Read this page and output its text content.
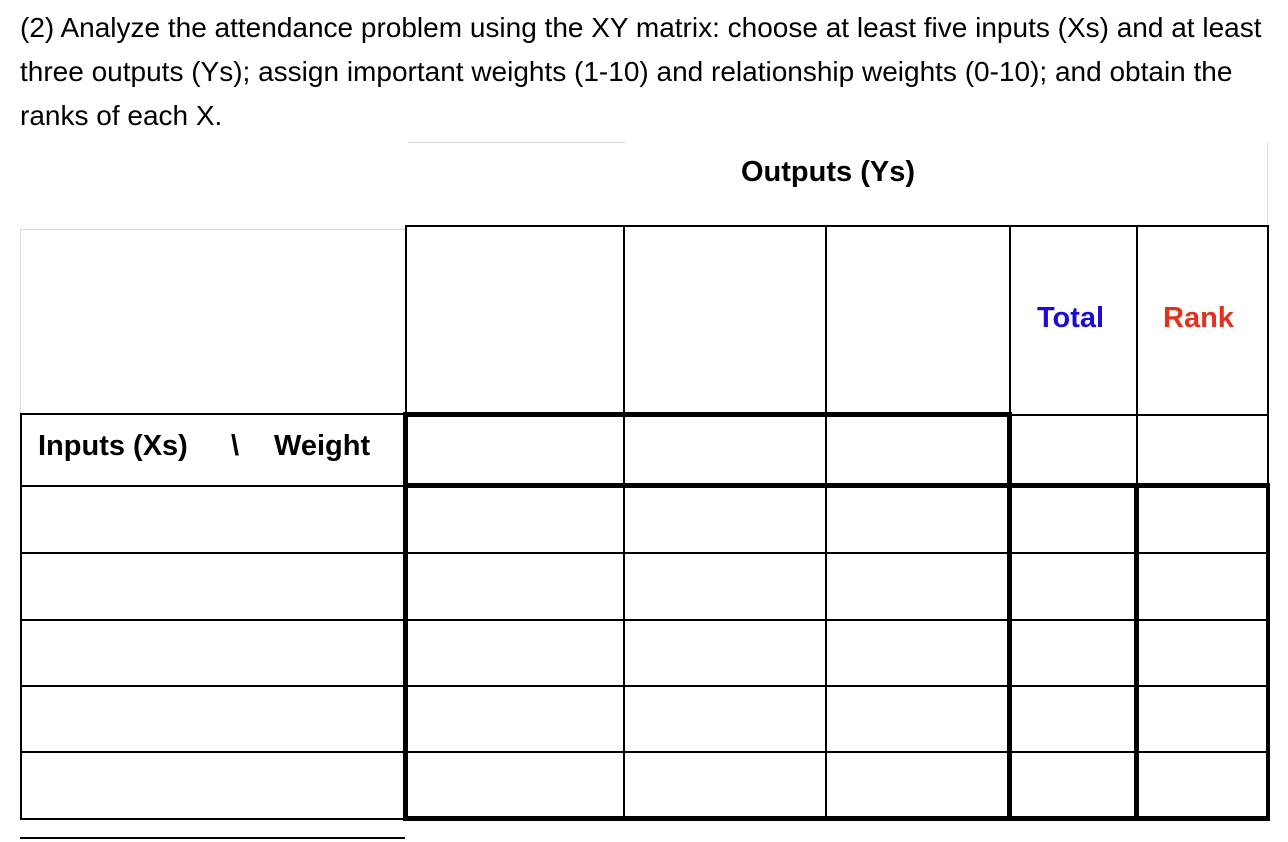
(2) Analyze the attendance problem using the XY matrix: choose at least five inputs (Xs) and at least three outputs (Ys); assign important weights (1-10) and relationship weights (0-10); and obtain the ranks of each X.

Outputs (Ys)
Total Rank
Inputs (Xs) \ Weight
